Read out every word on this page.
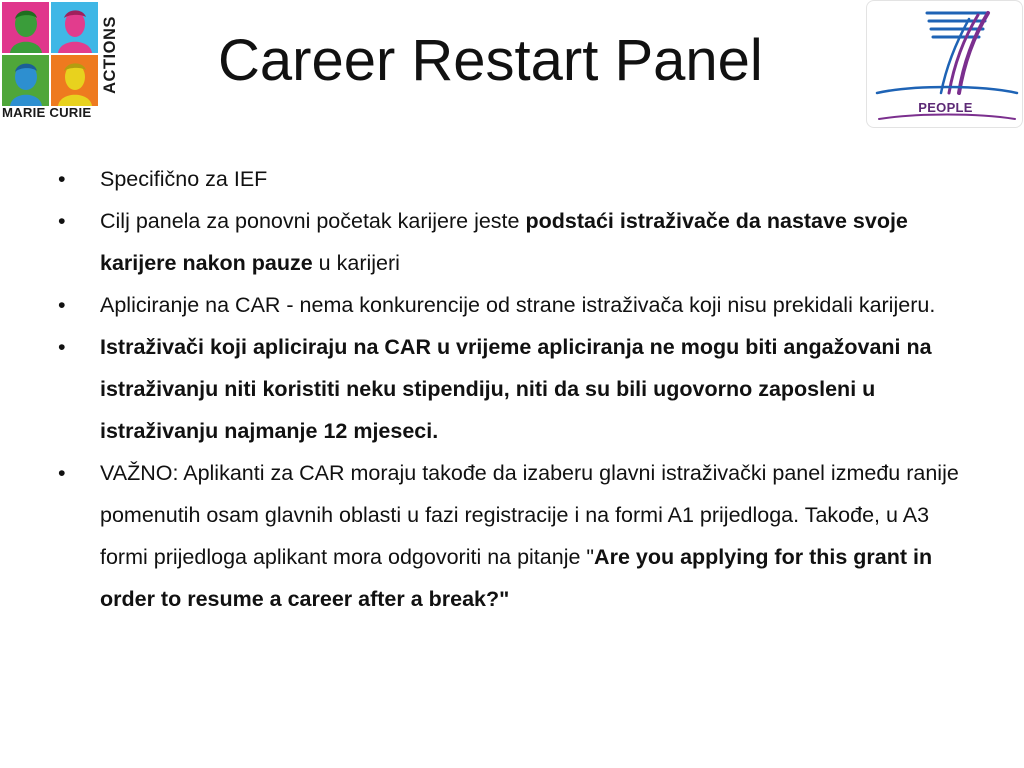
ACTIONS
MARIE CURIE
Career Restart Panel
PEOPLE
•	Specifično za IEF
•	Cilj panela za ponovni početak karijere jeste podstaći istraživače da nastave svoje karijere nakon pauze u karijeri
•	Apliciranje na CAR - nema konkurencije od strane istraživača koji nisu prekidali karijeru.
•	Istraživači koji apliciraju na CAR u vrijeme apliciranja ne mogu biti angažovani na istraživanju niti koristiti neku stipendiju, niti da su bili ugovorno zaposleni u istraživanju najmanje 12 mjeseci.
•	VAŽNO: Aplikanti za CAR moraju takođe da izaberu glavni istraživački panel između ranije pomenutih osam glavnih oblasti u fazi registracije i na formi A1 prijedloga. Takođe, u A3 formi prijedloga aplikant mora odgovoriti na pitanje "Are you applying for this grant in order to resume a career after a break?"
